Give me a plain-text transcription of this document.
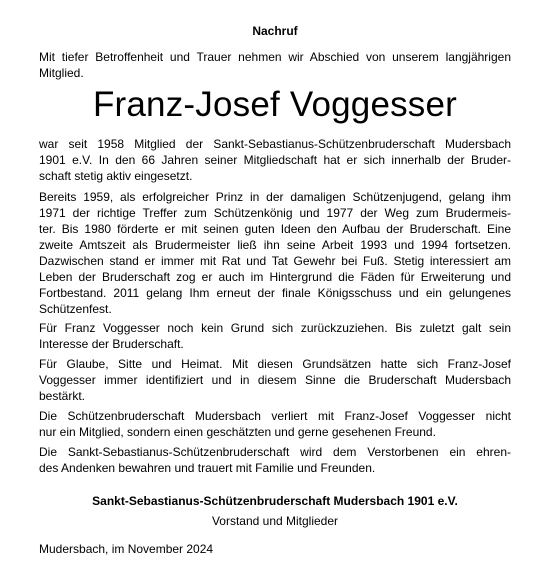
Nachruf
Mit tiefer Betroffenheit und Trauer nehmen wir Abschied von unserem langjährigen
Mitglied.
Franz-Josef Voggesser
war seit 1958 Mitglied der Sankt-Sebastianus-Schützenbruderschaft Mudersbach
1901 e.V. In den 66 Jahren seiner Mitgliedschaft hat er sich innerhalb der Bruder-
schaft stetig aktiv eingesetzt.
Bereits 1959, als erfolgreicher Prinz in der damaligen Schützenjugend, gelang ihm
1971 der richtige Treffer zum Schützenkönig und 1977 der Weg zum Brudermeis-
ter. Bis 1980 förderte er mit seinen guten Ideen den Aufbau der Bruderschaft. Eine
zweite Amtszeit als Brudermeister ließ ihn seine Arbeit 1993 und 1994 fortsetzen.
Dazwischen stand er immer mit Rat und Tat Gewehr bei Fuß. Stetig interessiert am
Leben der Bruderschaft zog er auch im Hintergrund die Fäden für Erweiterung und
Fortbestand. 2011 gelang Ihm erneut der finale Königsschuss und ein gelungenes
Schützenfest.
Für Franz Voggesser noch kein Grund sich zurückzuziehen. Bis zuletzt galt sein
Interesse der Bruderschaft.
Für Glaube, Sitte und Heimat. Mit diesen Grundsätzen hatte sich Franz-Josef
Voggesser immer identifiziert und in diesem Sinne die Bruderschaft Mudersbach
bestärkt.
Die Schützenbruderschaft Mudersbach verliert mit Franz-Josef Voggesser nicht
nur ein Mitglied, sondern einen geschätzten und gerne gesehenen Freund.
Die Sankt-Sebastianus-Schützenbruderschaft wird dem Verstorbenen ein ehren-
des Andenken bewahren und trauert mit Familie und Freunden.
Sankt-Sebastianus-Schützenbruderschaft Mudersbach 1901 e.V.
Vorstand und Mitglieder
Mudersbach, im November 2024
